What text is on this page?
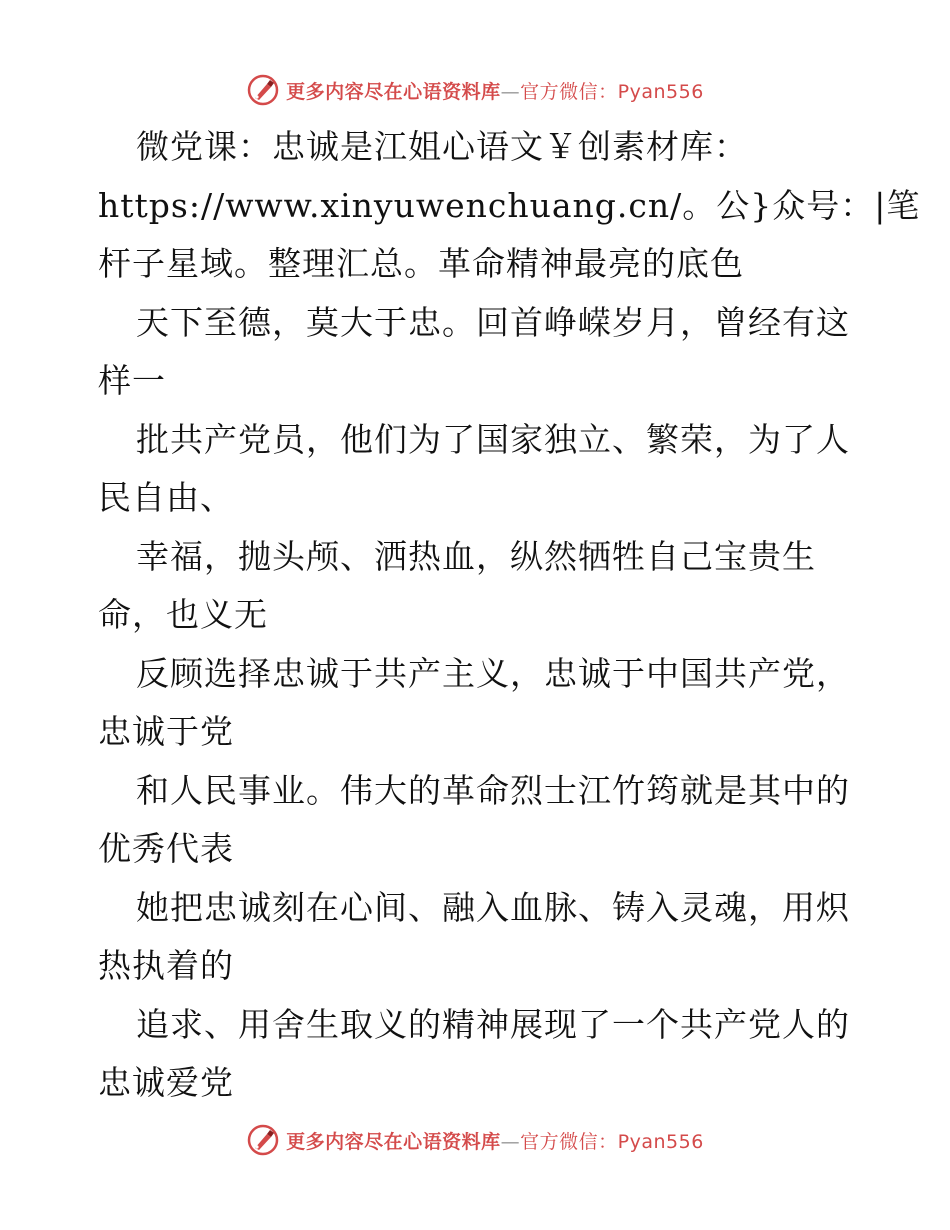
更多内容尽在心语资料库—官方微信：Pyan556
微党课：忠诚是江姐心语文￥创素材库：
https://www.xinyuwenchuang.cn/。公}众号：|笔
杆子星域。整理汇总。革命精神最亮的底色
天下至德，莫大于忠。回首峥嵘岁月，曾经有这
样一
批共产党员，他们为了国家独立、繁荣，为了人
民自由、
幸福，抛头颅、洒热血，纵然牺牲自己宝贵生
命，也义无
反顾选择忠诚于共产主义，忠诚于中国共产党，
忠诚于党
和人民事业。伟大的革命烈士江竹筠就是其中的
优秀代表
她把忠诚刻在心间、融入血脉、铸入灵魂，用炽
热执着的
追求、用舍生取义的精神展现了一个共产党人的
忠诚爱党
更多内容尽在心语资料库—官方微信：Pyan556
